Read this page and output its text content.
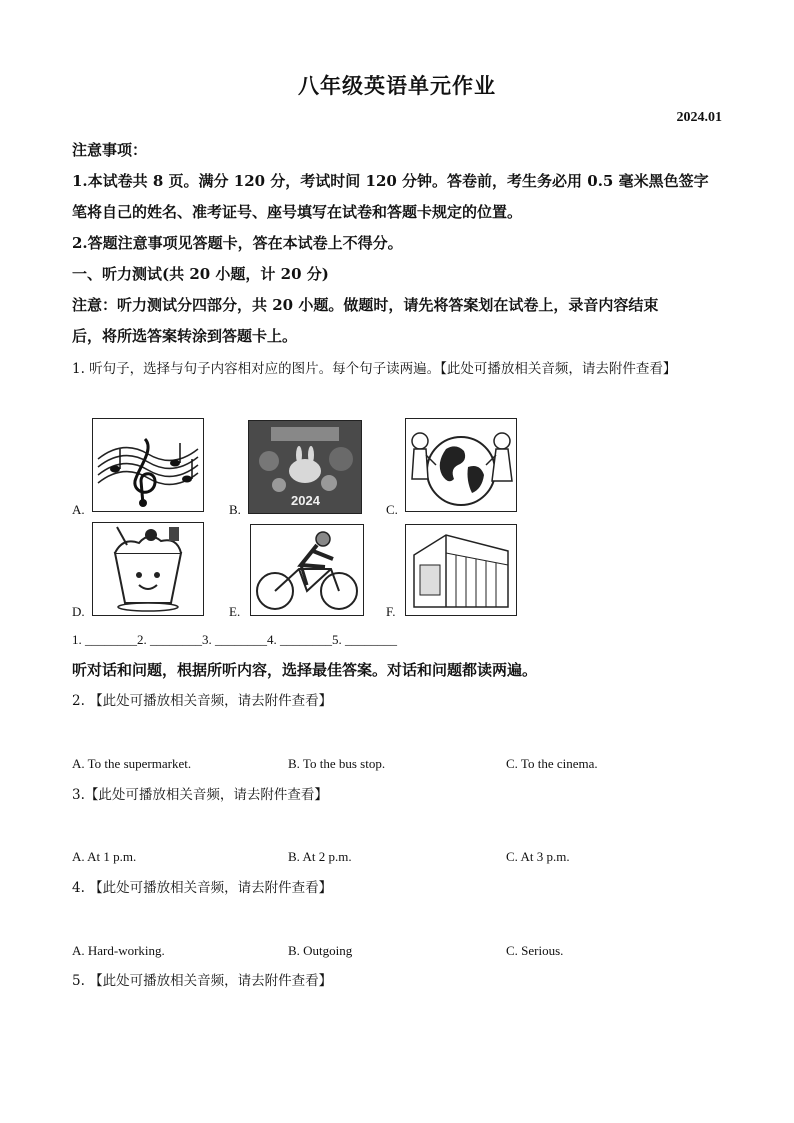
八年级英语单元作业
2024.01
注意事项：
1.本试卷共 8 页。满分 120 分，考试时间 120 分钟。答卷前，考生务必用 0.5 毫米黑色签字
笔将自己的姓名、准考证号、座号填写在试卷和答题卡规定的位置。
2.答题注意事项见答题卡，答在本试卷上不得分。
一、听力测试(共 20 小题，计 20 分)
注意：听力测试分四部分，共 20 小题。做题时，请先将答案划在试卷上，录音内容结束
后，将所选答案转涂到答题卡上。
1. 听句子，选择与句子内容相对应的图片。每个句子读两遍。【此处可播放相关音频，请去附件查看】
A.	B.
2024
C.
D.	E.	F.
1. ________2. ________3. ________4. ________5. ________
听对话和问题，根据所听内容，选择最佳答案。对话和问题都读两遍。
2. 【此处可播放相关音频，请去附件查看】
A. To the supermarket.	B. To the bus stop.	C. To the cinema.
3.【此处可播放相关音频，请去附件查看】
A. At 1 p.m.	B. At 2 p.m.	C. At 3 p.m.
4. 【此处可播放相关音频，请去附件查看】
A. Hard-working.	B. Outgoing	C. Serious.
5. 【此处可播放相关音频，请去附件查看】
